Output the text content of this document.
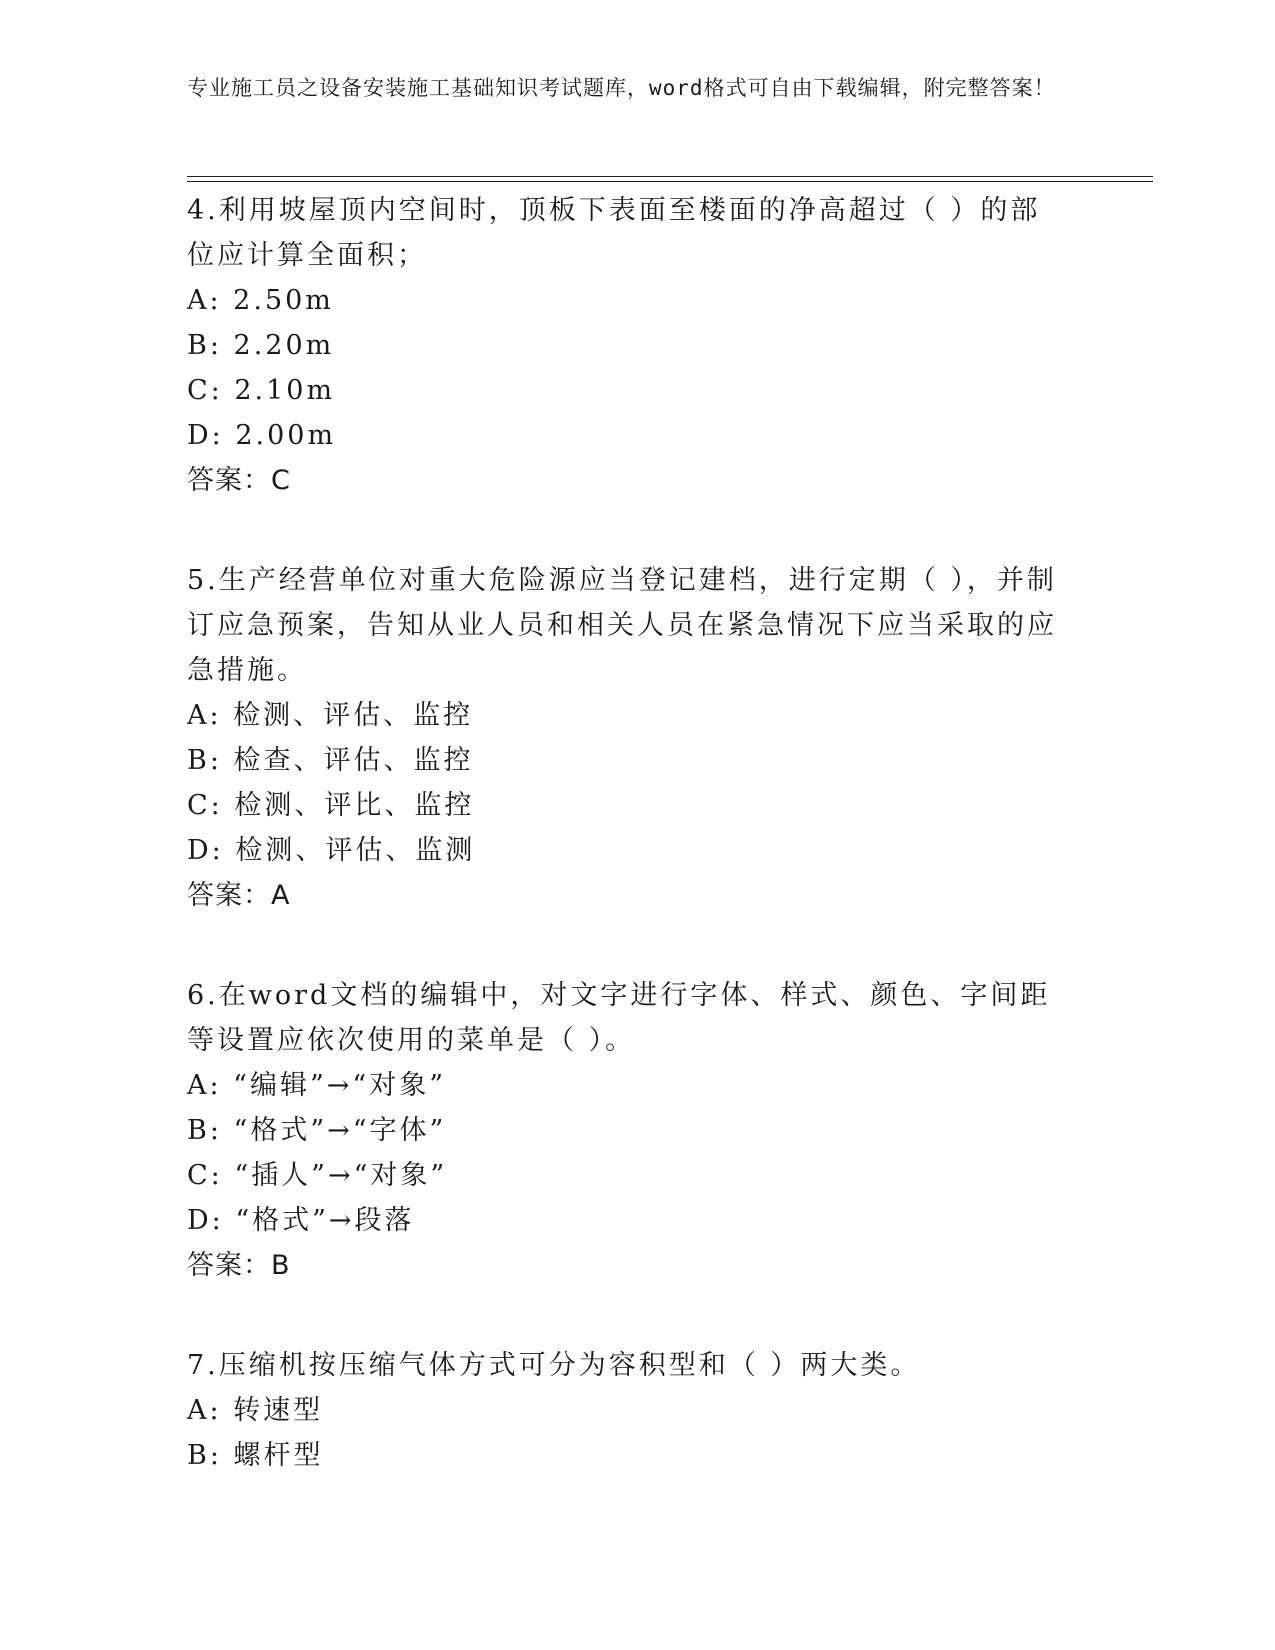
专业施工员之设备安装施工基础知识考试题库，word格式可自由下载编辑，附完整答案！

4.利用坡屋顶内空间时，顶板下表面至楼面的净高超过（ ）的部位应计算全面积；

A: 2.50m

B: 2.20m

C: 2.10m

D: 2.00m

答案：C

5.生产经营单位对重大危险源应当登记建档，进行定期（ ），并制订应急预案，告知从业人员和相关人员在紧急情况下应当采取的应急措施。

A: 检测、评估、监控

B: 检查、评估、监控

C: 检测、评比、监控

D: 检测、评估、监测

答案：A

6.在word文档的编辑中，对文字进行字体、样式、颜色、字间距等设置应依次使用的菜单是（ ）。

A: “编辑”→“对象”

B: “格式”→“字体”

C: “插人”→“对象”

D: “格式”→段落

答案：B

7.压缩机按压缩气体方式可分为容积型和（ ）两大类。

A: 转速型

B: 螺杆型
